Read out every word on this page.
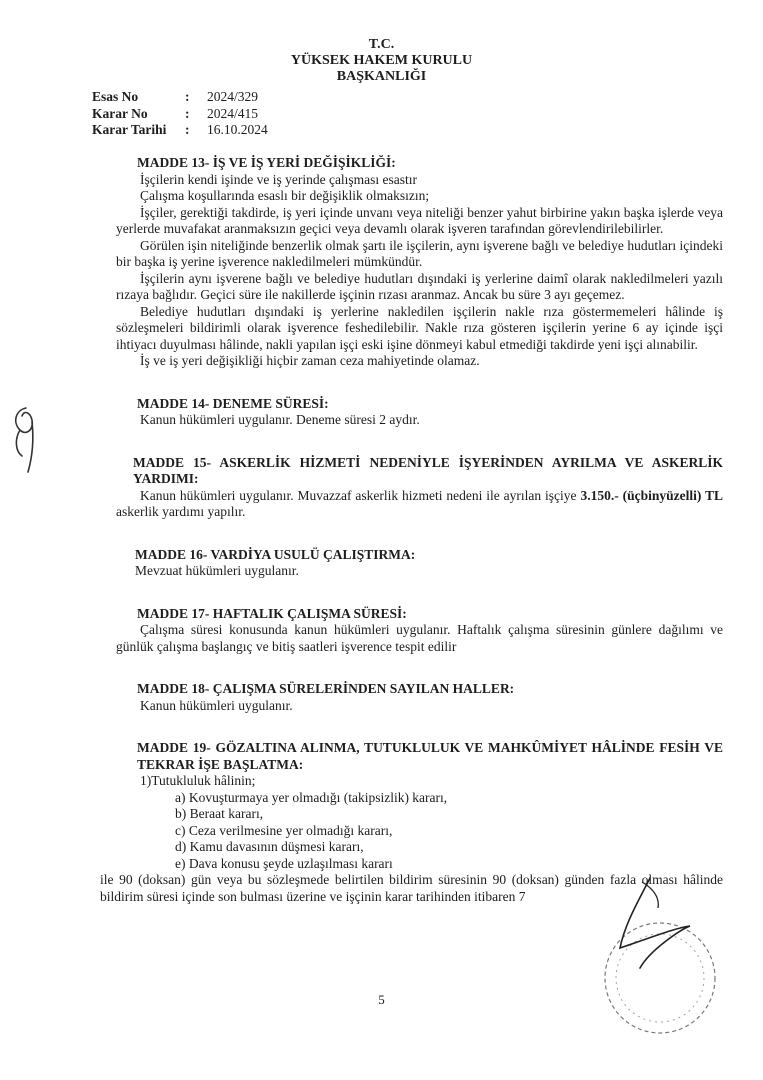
T.C.
YÜKSEK HAKEM KURULU
BAŞKANLIĞI
Esas No	:	2024/329
Karar No	:	2024/415
Karar Tarihi	:	16.10.2024

MADDE 13- İŞ VE İŞ YERİ DEĞİŞİKLİĞİ:

İşçilerin kendi işinde ve iş yerinde çalışması esastır

Çalışma koşullarında esaslı bir değişiklik olmaksızın;

İşçiler, gerektiği takdirde, iş yeri içinde unvanı veya niteliği benzer yahut birbirine yakın başka işlerde veya yerlerde muvafakat aranmaksızın geçici veya devamlı olarak işveren tarafından görevlendirilebilirler.

Görülen işin niteliğinde benzerlik olmak şartı ile işçilerin, aynı işverene bağlı ve belediye hudutları içindeki bir başka iş yerine işverence nakledilmeleri mümkündür.

İşçilerin aynı işverene bağlı ve belediye hudutları dışındaki iş yerlerine daimî olarak nakledilmeleri yazılı rızaya bağlıdır. Geçici süre ile nakillerde işçinin rızası aranmaz. Ancak bu süre 3 ayı geçemez.

Belediye hudutları dışındaki iş yerlerine nakledilen işçilerin nakle rıza göstermemeleri hâlinde iş sözleşmeleri bildirimli olarak işverence feshedilebilir. Nakle rıza gösteren işçilerin yerine 6 ay içinde işçi ihtiyacı duyulması hâlinde, nakli yapılan işçi eski işine dönmeyi kabul etmediği takdirde yeni işçi alınabilir.

İş ve iş yeri değişikliği hiçbir zaman ceza mahiyetinde olamaz.

MADDE 14- DENEME SÜRESİ:

Kanun hükümleri uygulanır. Deneme süresi 2 aydır.

MADDE 15- ASKERLİK HİZMETİ NEDENİYLE İŞYERİNDEN AYRILMA VE ASKERLİK YARDIMI:

Kanun hükümleri uygulanır. Muvazzaf askerlik hizmeti nedeni ile ayrılan işçiye 3.150.- (üçbinyüzelli) TL askerlik yardımı yapılır.

MADDE 16- VARDİYA USULÜ ÇALIŞTIRMA:

Mevzuat hükümleri uygulanır.

MADDE 17- HAFTALIK ÇALIŞMA SÜRESİ:

Çalışma süresi konusunda kanun hükümleri uygulanır. Haftalık çalışma süresinin günlere dağılımı ve günlük çalışma başlangıç ve bitiş saatleri işverence tespit edilir

MADDE 18- ÇALIŞMA SÜRELERİNDEN SAYILAN HALLER:

Kanun hükümleri uygulanır.

MADDE 19- GÖZALTINA ALINMA, TUTUKLULUK VE MAHKÛMİYET HÂLİNDE FESİH VE TEKRAR İŞE BAŞLATMA:

1)Tutukluluk hâlinin;

a) Kovuşturmaya yer olmadığı (takipsizlik) kararı,
b) Beraat kararı,
c) Ceza verilmesine yer olmadığı kararı,
d) Kamu davasının düşmesi kararı,
e) Dava konusu şeyde uzlaşılması kararı

ile 90 (doksan) gün veya bu sözleşmede belirtilen bildirim süresinin 90 (doksan) günden fazla olması hâlinde bildirim süresi içinde son bulması üzerine ve işçinin karar tarihinden itibaren 7

5
